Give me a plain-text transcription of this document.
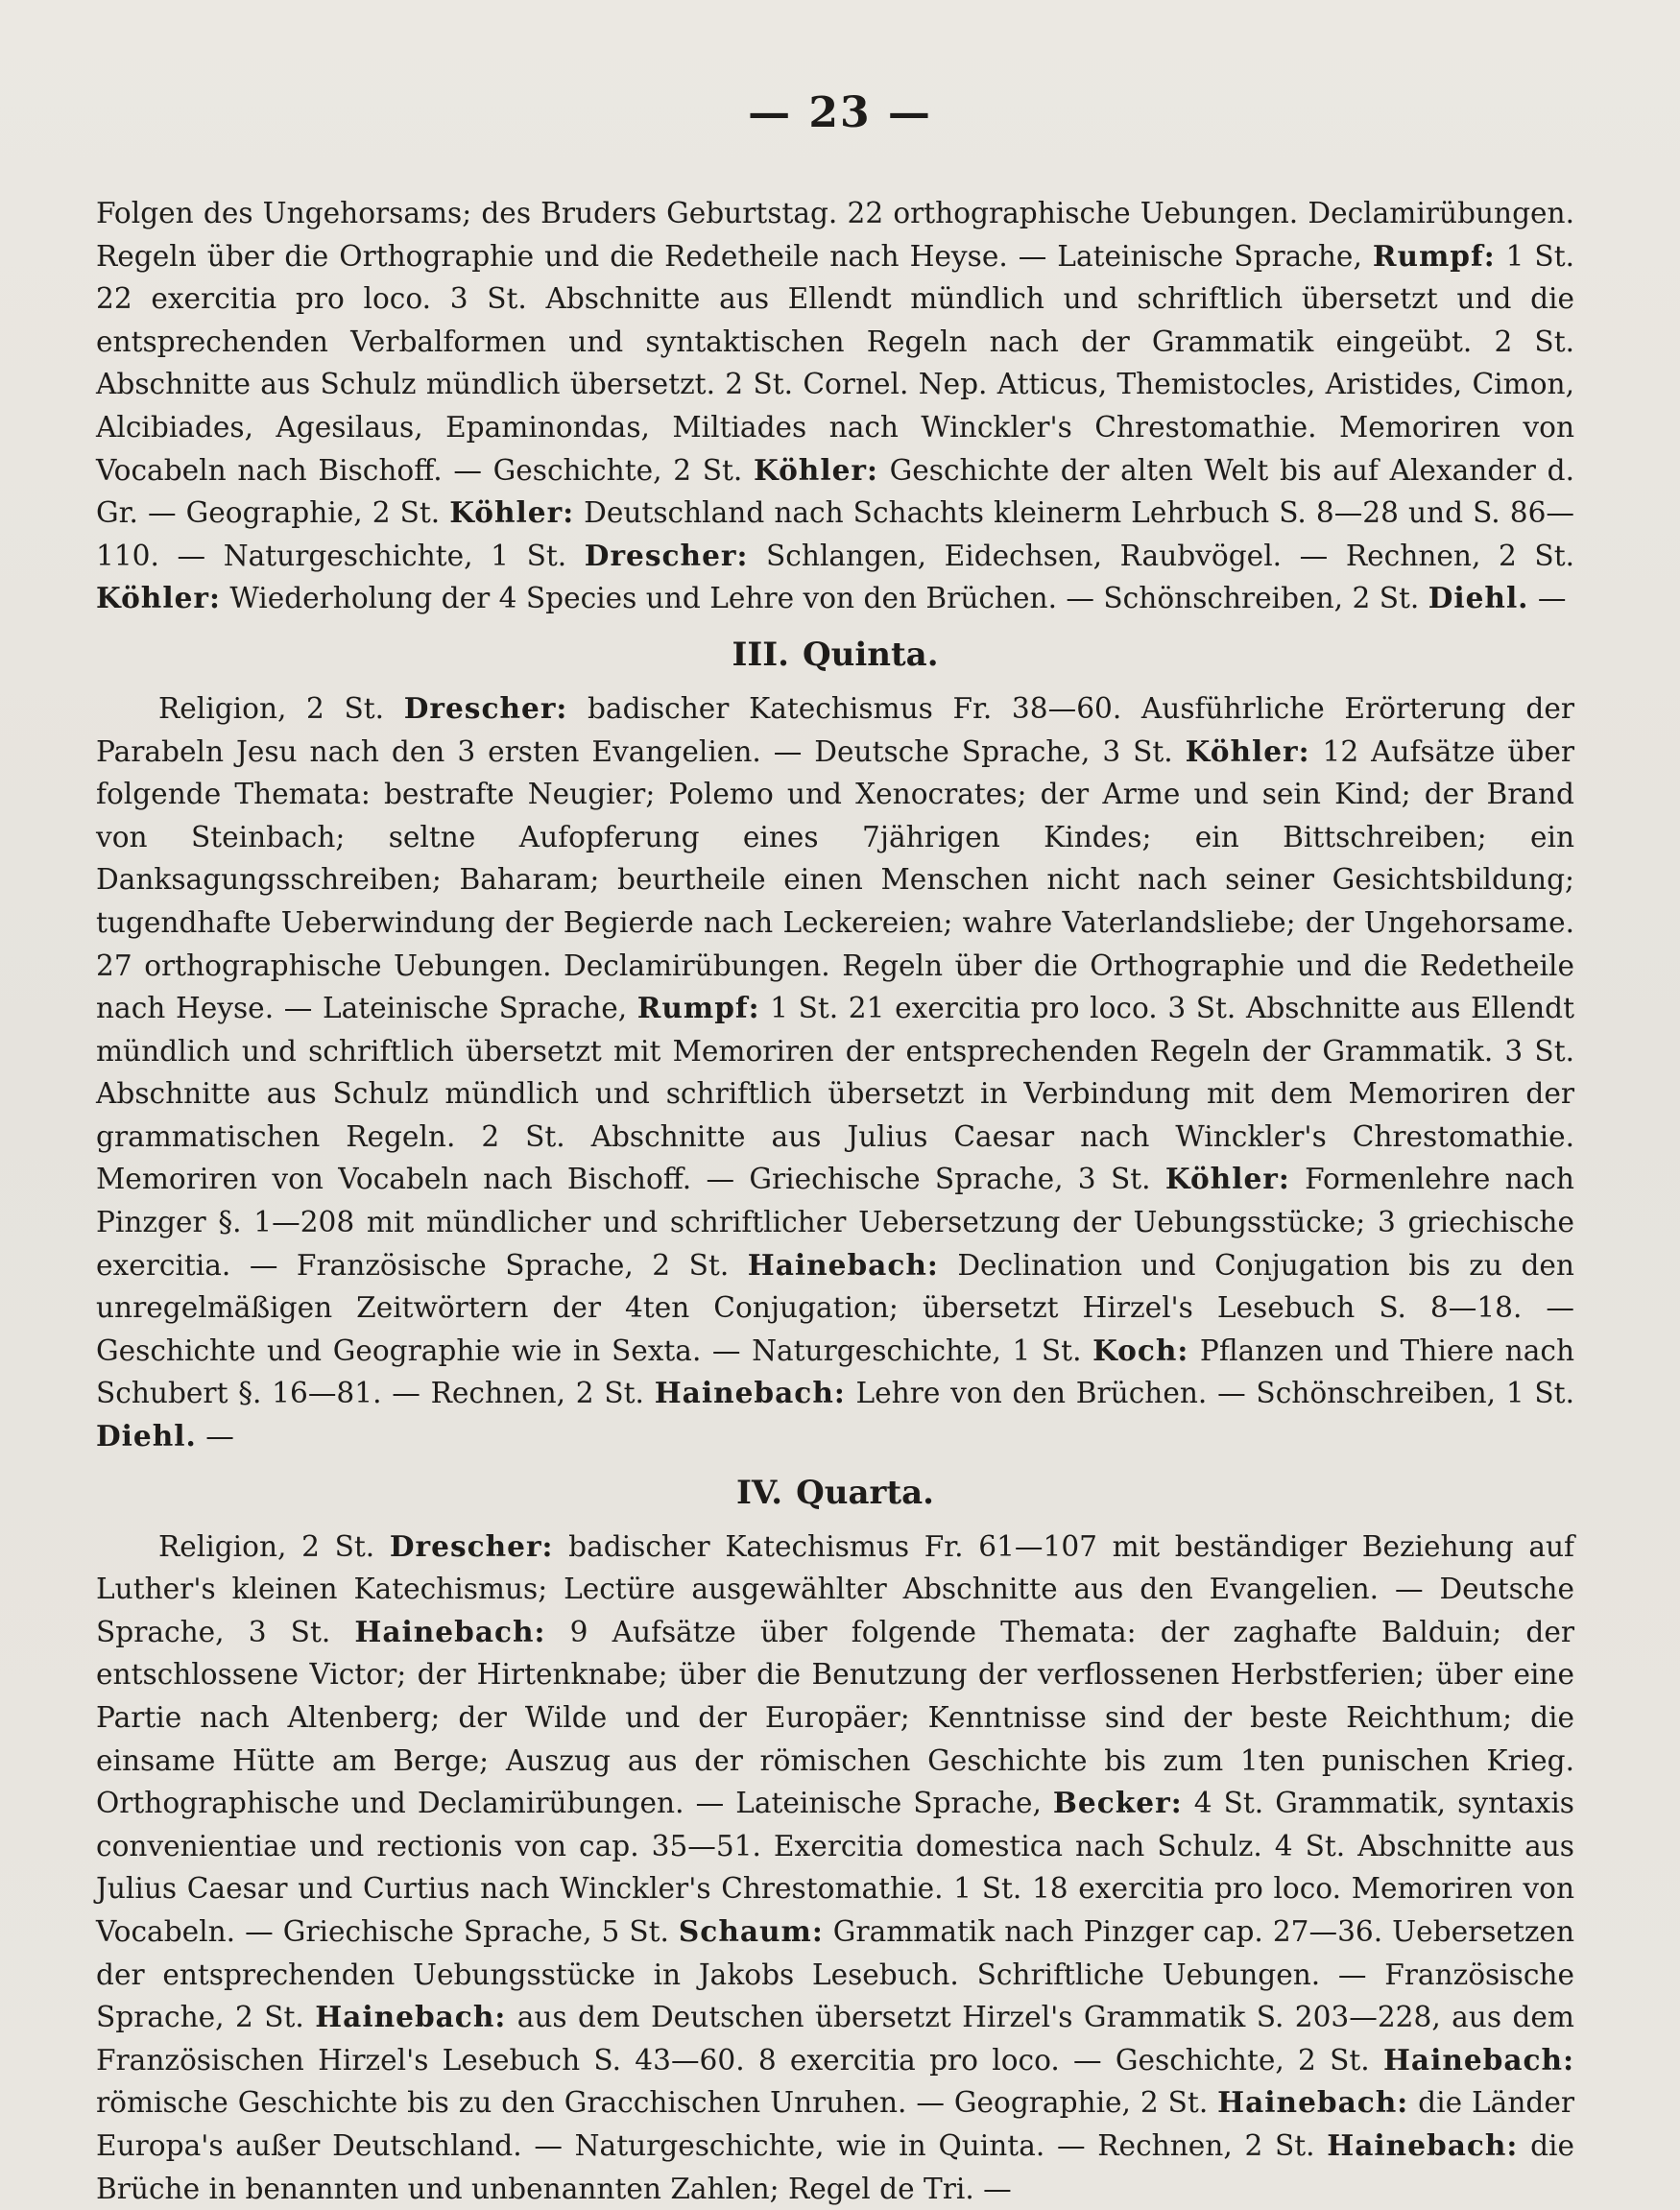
— 23 —

Folgen des Ungehorsams; des Bruders Geburtstag. 22 orthographische Uebungen. Declamirübungen. Regeln über die Orthographie und die Redetheile nach Heyse. — Lateinische Sprache, Rumpf: 1 St. 22 exercitia pro loco. 3 St. Abschnitte aus Ellendt mündlich und schriftlich übersetzt und die entsprechenden Verbalformen und syntaktischen Regeln nach der Grammatik eingeübt. 2 St. Abschnitte aus Schulz mündlich übersetzt. 2 St. Cornel. Nep. Atticus, Themistocles, Aristides, Cimon, Alcibiades, Agesilaus, Epaminondas, Miltiades nach Winckler's Chrestomathie. Memoriren von Vocabeln nach Bischoff. — Geschichte, 2 St. Köhler: Geschichte der alten Welt bis auf Alexander d. Gr. — Geographie, 2 St. Köhler: Deutschland nach Schachts kleinerm Lehrbuch S. 8—28 und S. 86—110. — Naturgeschichte, 1 St. Drescher: Schlangen, Eidechsen, Raubvögel. — Rechnen, 2 St. Köhler: Wiederholung der 4 Species und Lehre von den Brüchen. — Schönschreiben, 2 St. Diehl. —

III. Quinta.

Religion, 2 St. Drescher: badischer Katechismus Fr. 38—60. Ausführliche Erörterung der Parabeln Jesu nach den 3 ersten Evangelien. — Deutsche Sprache, 3 St. Köhler: 12 Aufsätze über folgende Themata: bestrafte Neugier; Polemo und Xenocrates; der Arme und sein Kind; der Brand von Steinbach; seltne Aufopferung eines 7jährigen Kindes; ein Bittschreiben; ein Danksagungsschreiben; Baharam; beurtheile einen Menschen nicht nach seiner Gesichtsbildung; tugendhafte Ueberwindung der Begierde nach Leckereien; wahre Vaterlandsliebe; der Ungehorsame. 27 orthographische Uebungen. Declamirübungen. Regeln über die Orthographie und die Redetheile nach Heyse. — Lateinische Sprache, Rumpf: 1 St. 21 exercitia pro loco. 3 St. Abschnitte aus Ellendt mündlich und schriftlich übersetzt mit Memoriren der entsprechenden Regeln der Grammatik. 3 St. Abschnitte aus Schulz mündlich und schriftlich übersetzt in Verbindung mit dem Memoriren der grammatischen Regeln. 2 St. Abschnitte aus Julius Caesar nach Winckler's Chrestomathie. Memoriren von Vocabeln nach Bischoff. — Griechische Sprache, 3 St. Köhler: Formenlehre nach Pinzger §. 1—208 mit mündlicher und schriftlicher Uebersetzung der Uebungsstücke; 3 griechische exercitia. — Französische Sprache, 2 St. Hainebach: Declination und Conjugation bis zu den unregelmäßigen Zeitwörtern der 4ten Conjugation; übersetzt Hirzel's Lesebuch S. 8—18. — Geschichte und Geographie wie in Sexta. — Naturgeschichte, 1 St. Koch: Pflanzen und Thiere nach Schubert §. 16—81. — Rechnen, 2 St. Hainebach: Lehre von den Brüchen. — Schönschreiben, 1 St. Diehl. —

IV. Quarta.

Religion, 2 St. Drescher: badischer Katechismus Fr. 61—107 mit beständiger Beziehung auf Luther's kleinen Katechismus; Lectüre ausgewählter Abschnitte aus den Evangelien. — Deutsche Sprache, 3 St. Hainebach: 9 Aufsätze über folgende Themata: der zaghafte Balduin; der entschlossene Victor; der Hirtenknabe; über die Benutzung der verflossenen Herbstferien; über eine Partie nach Altenberg; der Wilde und der Europäer; Kenntnisse sind der beste Reichthum; die einsame Hütte am Berge; Auszug aus der römischen Geschichte bis zum 1ten punischen Krieg. Orthographische und Declamirübungen. — Lateinische Sprache, Becker: 4 St. Grammatik, syntaxis convenientiae und rectionis von cap. 35—51. Exercitia domestica nach Schulz. 4 St. Abschnitte aus Julius Caesar und Curtius nach Winckler's Chrestomathie. 1 St. 18 exercitia pro loco. Memoriren von Vocabeln. — Griechische Sprache, 5 St. Schaum: Grammatik nach Pinzger cap. 27—36. Uebersetzen der entsprechenden Uebungsstücke in Jakobs Lesebuch. Schriftliche Uebungen. — Französische Sprache, 2 St. Hainebach: aus dem Deutschen übersetzt Hirzel's Grammatik S. 203—228, aus dem Französischen Hirzel's Lesebuch S. 43—60. 8 exercitia pro loco. — Geschichte, 2 St. Hainebach: römische Geschichte bis zu den Gracchischen Unruhen. — Geographie, 2 St. Hainebach: die Länder Europa's außer Deutschland. — Naturgeschichte, wie in Quinta. — Rechnen, 2 St. Hainebach: die Brüche in benannten und unbenannten Zahlen; Regel de Tri. —
